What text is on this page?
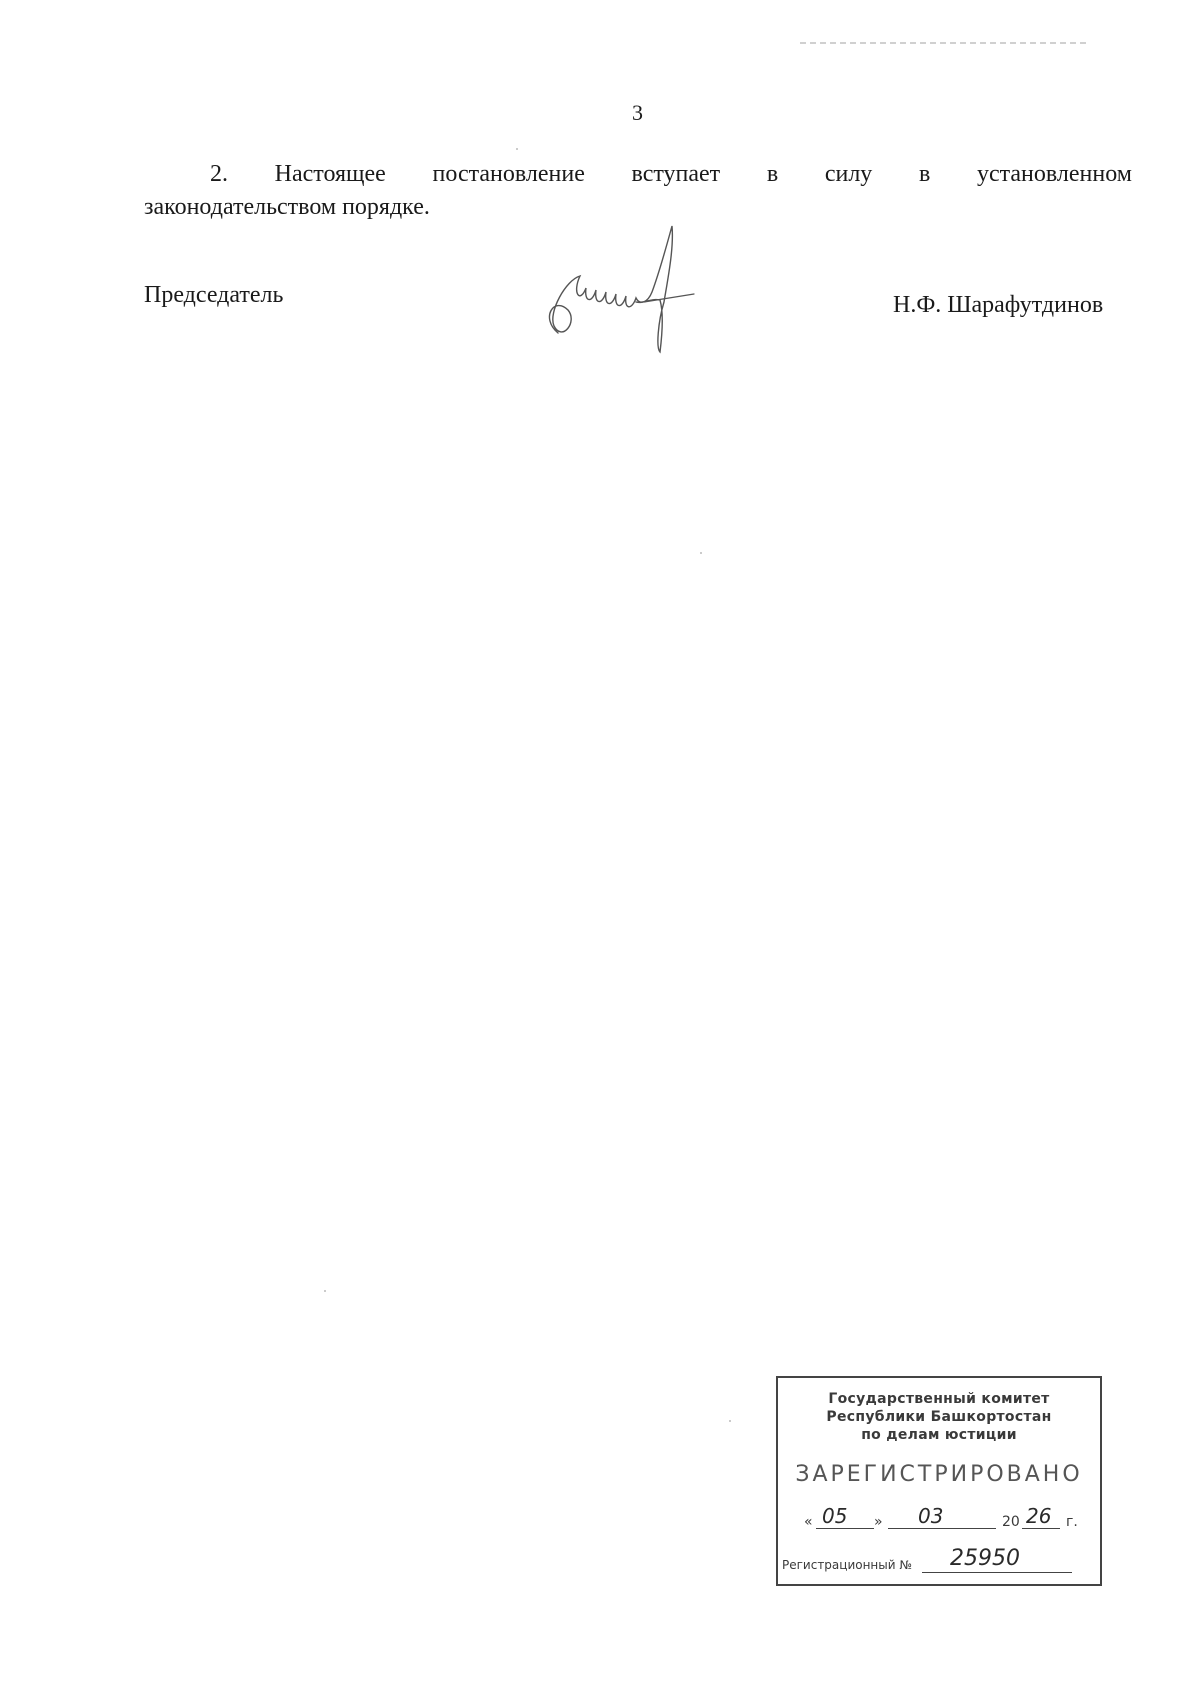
3
2. Настоящее постановление вступает в силу в установленном
законодательством порядке.
Председатель	Н.Ф. Шарафутдинов
Государственный комитет
Республики Башкортостан
по делам юстиции
ЗАРЕГИСТРИРОВАНО
« 05 » 03	20 26 г.
Регистрационный № 25950
